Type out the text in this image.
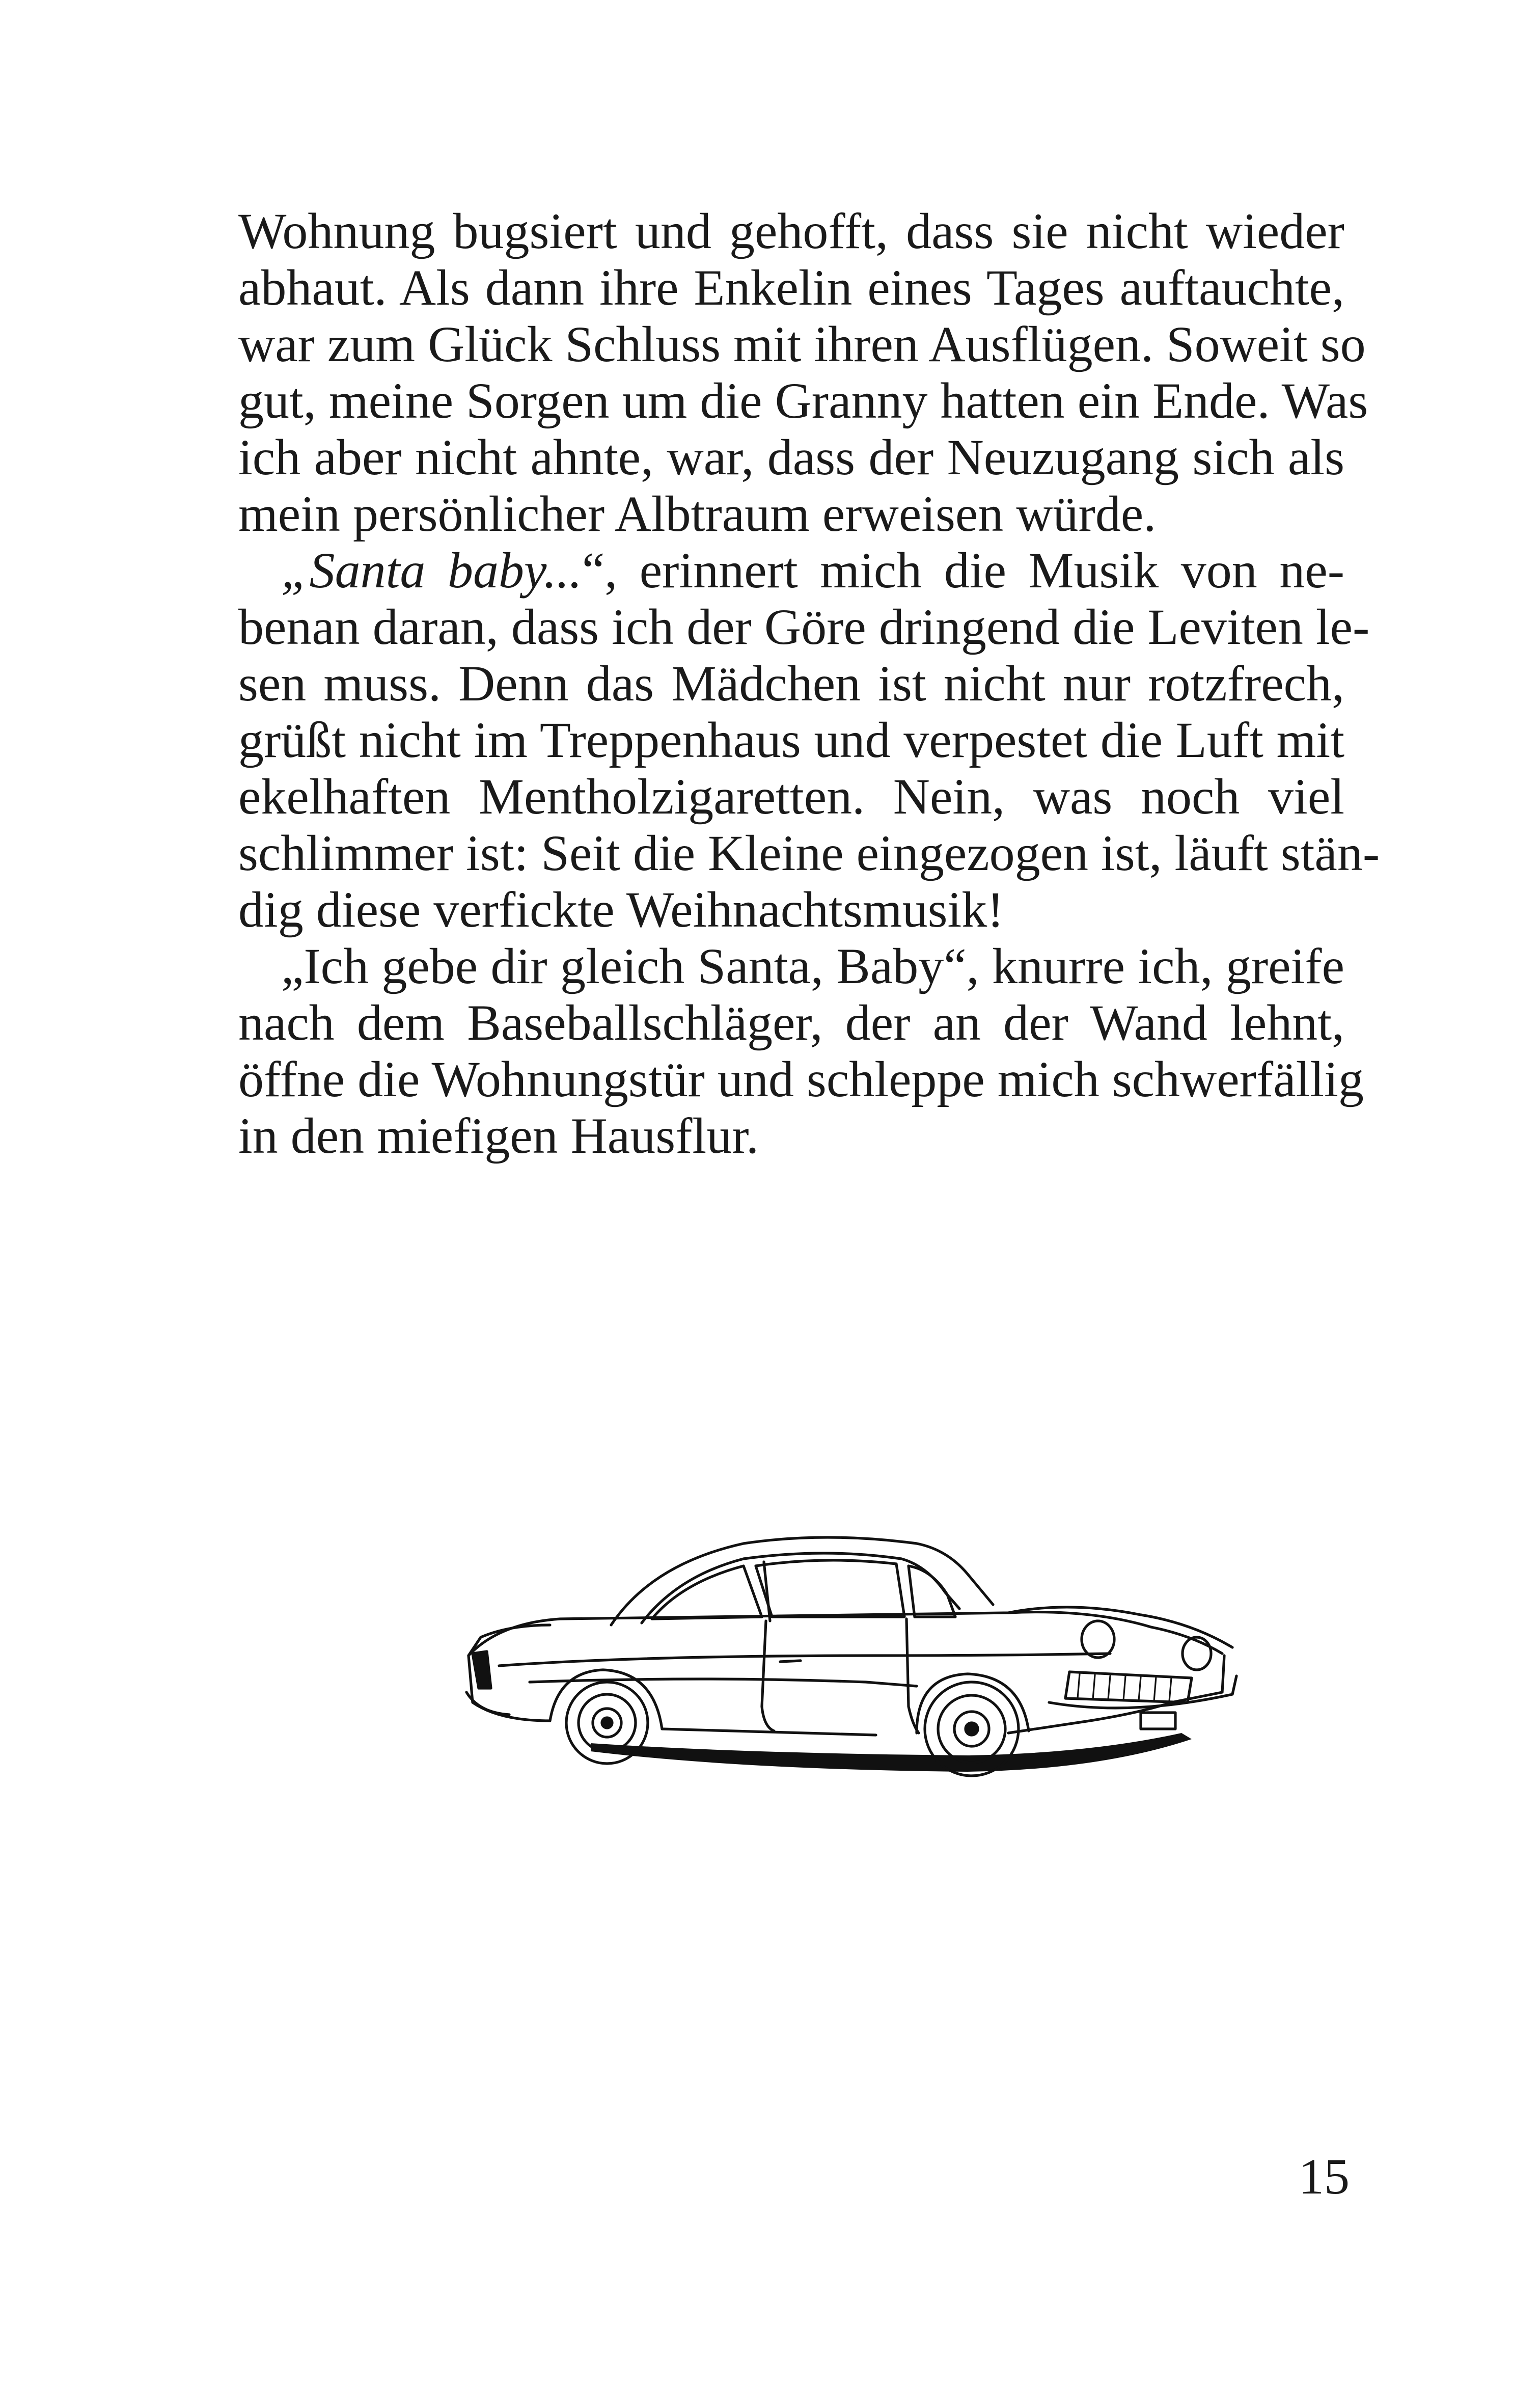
Wohnung bugsiert und gehofft, dass sie nicht wieder
abhaut. Als dann ihre Enkelin eines Tages auftauchte,
war zum Glück Schluss mit ihren Ausflügen. Soweit so
gut, meine Sorgen um die Granny hatten ein Ende. Was
ich aber nicht ahnte, war, dass der Neuzugang sich als
mein persönlicher Albtraum erweisen würde.
„Santa baby...“, erinnert mich die Musik von ne-
benan daran, dass ich der Göre dringend die Leviten le-
sen muss. Denn das Mädchen ist nicht nur rotzfrech,
grüßt nicht im Treppenhaus und verpestet die Luft mit
ekelhaften Mentholzigaretten. Nein, was noch viel
schlimmer ist: Seit die Kleine eingezogen ist, läuft stän-
dig diese verfickte Weihnachtsmusik!
„Ich gebe dir gleich Santa, Baby“, knurre ich, greife
nach dem Baseballschläger, der an der Wand lehnt,
öffne die Wohnungstür und schleppe mich schwerfällig
in den miefigen Hausflur.
15
